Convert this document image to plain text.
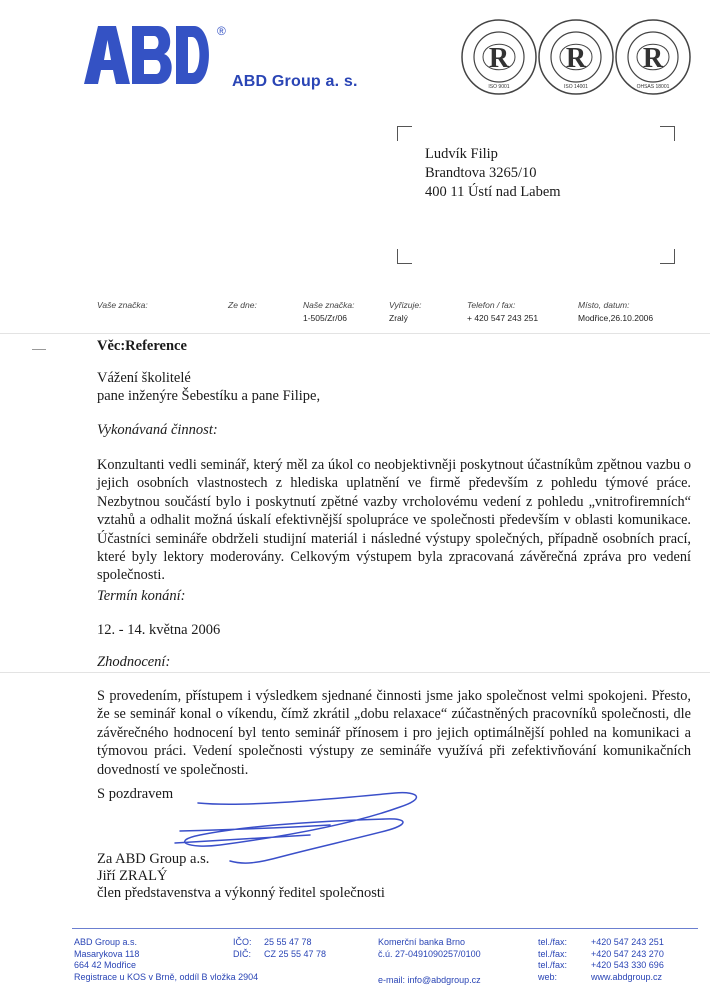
®
ABD Group a. s.
R
ISO 9001
R
ISO 14001
R
OHSAS 18001
Ludvík Filip
Brandtova 3265/10
400 11 Ústí nad Labem
Vaše značka:	Ze dne:	Naše značka:
1-505/Zr/06
Vyřizuje:
Zralý
Telefon / fax:
+ 420 547 243 251
Místo, datum:
Modřice,26.10.2006
Věc:Reference
Vážení školitelé
pane inženýre Šebestíku a pane Filipe,
Vykonávaná činnost:

Konzultanti vedli seminář, který měl za úkol co neobjektivněji poskytnout účastníkům zpětnou vazbu o jejich osobních vlastnostech z hlediska uplatnění ve firmě především z pohledu týmové práce. Nezbytnou součástí bylo i poskytnutí zpětné vazby vrcholovému vedení z pohledu „vnitrofiremních“ vztahů a odhalit možná úskalí efektivnější spolupráce ve společnosti především v oblasti komunikace. Účastníci semináře obdrželi studijní materiál i následné výstupy společných, případně osobních prací, které byly lektory moderovány. Celkovým výstupem byla zpracovaná závěrečná zpráva pro vedení společnosti.

Termín konání:
12. - 14. května 2006
Zhodnocení:

S provedením, přístupem i výsledkem sjednané činnosti jsme jako společnost velmi spokojeni. Přesto, že se seminář konal o víkendu, čímž zkrátil „dobu relaxace“ zúčastněných pracovníků společnosti, dle závěrečného hodnocení byl tento seminář přínosem i pro jejich optimálnější pohled na komunikaci a týmovou práci. Vedení společnosti výstupy ze semináře využívá při zefektivňování komunikačních dovedností ve společnosti.

S pozdravem
Za ABD Group a.s.
Jiří ZRALÝ
člen představenstva a výkonný ředitel společnosti
ABD Group a.s.
Masarykova 118
664 42 Modřice
Registrace u KOS v Brně, oddíl B vložka 2904
IČO:
DIČ:
25 55 47 78
CZ 25 55 47 78
Komerční banka Brno
č.ú. 27-0491090257/0100
e-mail: info@abdgroup.cz
tel./fax:
tel./fax:
tel./fax:
web:
+420 547 243 251
+420 547 243 270
+420 543 330 696
www.abdgroup.cz
